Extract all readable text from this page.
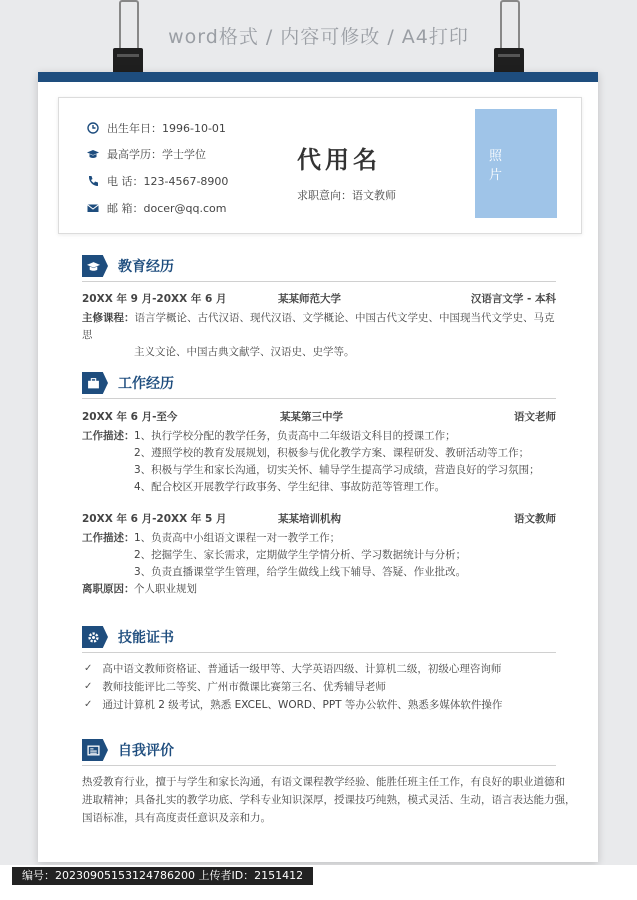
word格式 / 内容可修改 / A4打印
出生年日：1996-10-01
最高学历：学士学位
电 话：123-4567-8900
邮 箱：docer@qq.com
代用名
求职意向：语文教师
照 片
教育经历
20XX 年 9 月-20XX 年 6 月	某某师范大学	汉语言文学 - 本科
主修课程：语言学概论、古代汉语、现代汉语、文学概论、中国古代文学史、中国现当代文学史、马克思
主义文论、中国古典文献学、汉语史、史学等。
工作经历
20XX 年 6 月-至今	某某第三中学	语文老师
工作描述： 1、执行学校分配的教学任务，负责高中二年级语文科目的授课工作；
2、遵照学校的教育发展规划，积极参与优化教学方案、课程研发、教研活动等工作；
3、积极与学生和家长沟通，切实关怀、辅导学生提高学习成绩，营造良好的学习氛围；
4、配合校区开展教学行政事务、学生纪律、事故防范等管理工作。
20XX 年 6 月-20XX 年 5 月	某某培训机构	语文教师
工作描述： 1、负责高中小组语文课程一对一教学工作；
2、挖掘学生、家长需求，定期做学生学情分析、学习数据统计与分析；
3、负责直播课堂学生管理，给学生做线上线下辅导、答疑、作业批改。
离职原因： 个人职业规划
技能证书
✓ 高中语文教师资格证、普通话一级甲等、大学英语四级、计算机二级，初级心理咨询师
✓ 教师技能评比二等奖、广州市微课比赛第三名、优秀辅导老师
✓ 通过计算机 2 级考试，熟悉 EXCEL、WORD、PPT 等办公软件、熟悉多媒体软件操作
自我评价
热爱教育行业，擅于与学生和家长沟通，有语文课程教学经验、能胜任班主任工作，有良好的职业道德和
进取精神；具备扎实的教学功底、学科专业知识深厚，授课技巧纯熟，模式灵活、生动，语言表达能力强，
国语标准，具有高度责任意识及亲和力。
编号：20230905153124786200 上传者ID：2151412
